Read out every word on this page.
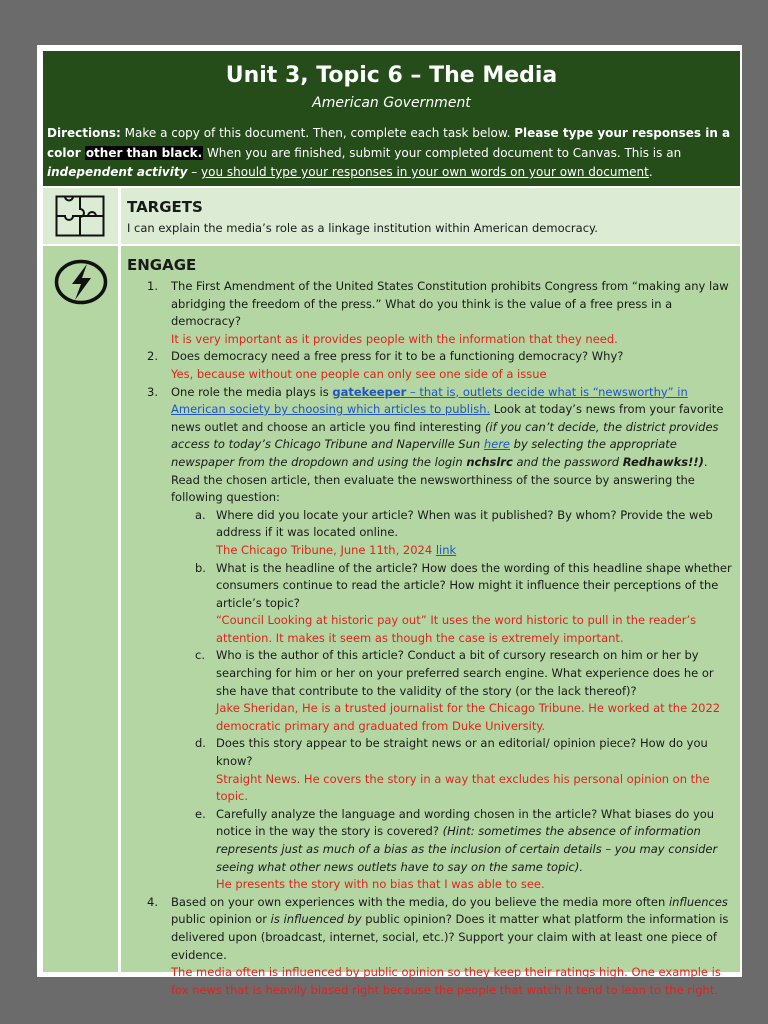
Unit 3, Topic 6 – The Media
American Government
Directions: Make a copy of this document. Then, complete each task below. Please type your responses in a color other than black. When you are finished, submit your completed document to Canvas. This is an independent activity – you should type your responses in your own words on your own document.
TARGETS
I can explain the media’s role as a linkage institution within American democracy.
ENGAGE
1. The First Amendment of the United States Constitution prohibits Congress from “making any law abridging the freedom of the press.” What do you think is the value of a free press in a democracy?
It is very important as it provides people with the information that they need.
2. Does democracy need a free press for it to be a functioning democracy? Why?
Yes, because without one people can only see one side of a issue
3. One role the media plays is gatekeeper – that is, outlets decide what is “newsworthy” in American society by choosing which articles to publish. Look at today’s news from your favorite news outlet and choose an article you find interesting (if you can’t decide, the district provides access to today’s Chicago Tribune and Naperville Sun here by selecting the appropriate newspaper from the dropdown and using the login nchslrc and the password Redhawks!!). Read the chosen article, then evaluate the newsworthiness of the source by answering the following question:
a. Where did you locate your article? When was it published? By whom? Provide the web address if it was located online.
The Chicago Tribune, June 11th, 2024 link
b. What is the headline of the article? How does the wording of this headline shape whether consumers continue to read the article? How might it influence their perceptions of the article’s topic?
“Council Looking at historic pay out” It uses the word historic to pull in the reader’s attention. It makes it seem as though the case is extremely important.
c. Who is the author of this article? Conduct a bit of cursory research on him or her by searching for him or her on your preferred search engine. What experience does he or she have that contribute to the validity of the story (or the lack thereof)?
Jake Sheridan, He is a trusted journalist for the Chicago Tribune. He worked at the 2022 democratic primary and graduated from Duke University.
d. Does this story appear to be straight news or an editorial/ opinion piece? How do you know?
Straight News. He covers the story in a way that excludes his personal opinion on the topic.
e. Carefully analyze the language and wording chosen in the article? What biases do you notice in the way the story is covered? (Hint: sometimes the absence of information represents just as much of a bias as the inclusion of certain details – you may consider seeing what other news outlets have to say on the same topic).
He presents the story with no bias that I was able to see.
4. Based on your own experiences with the media, do you believe the media more often influences public opinion or is influenced by public opinion? Does it matter what platform the information is delivered upon (broadcast, internet, social, etc.)? Support your claim with at least one piece of evidence.
The media often is influenced by public opinion so they keep their ratings high. One example is fox news that is heavily biased right because the people that watch it tend to lean to the right.
